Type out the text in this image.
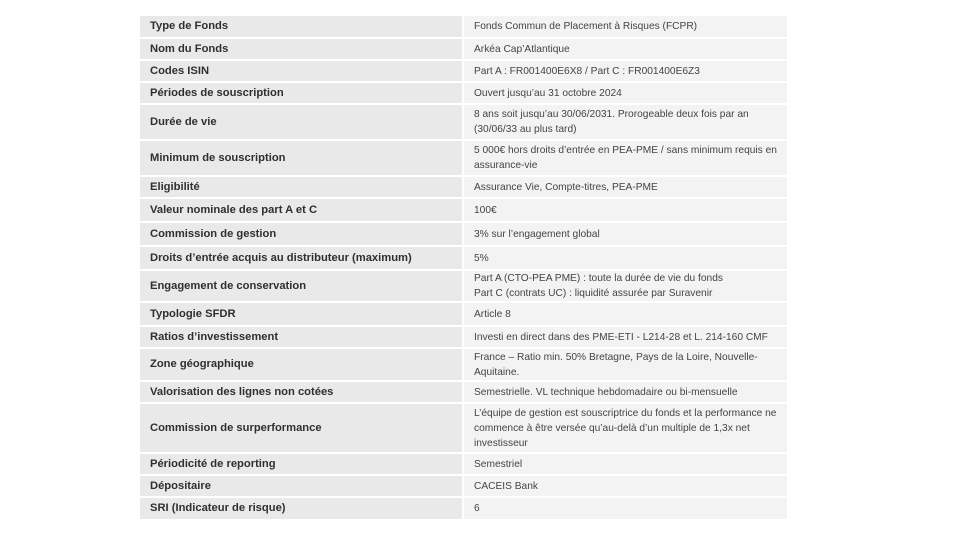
Type de Fonds	Fonds Commun de Placement à Risques (FCPR)
Nom du Fonds	Arkéa Cap’Atlantique
Codes ISIN	Part A : FR001400E6X8 / Part C : FR001400E6Z3
Périodes de souscription	Ouvert jusqu’au 31 octobre 2024
Durée de vie	8 ans soit jusqu’au 30/06/2031. Prorogeable deux fois par an (30/06/33 au plus tard)
Minimum de souscription	5 000€ hors droits d’entrée en PEA-PME / sans minimum requis en assurance-vie
Eligibilité	Assurance Vie, Compte-titres, PEA-PME
Valeur nominale des part A et C	100€
Commission de gestion	3% sur l’engagement global
Droits d’entrée acquis au distributeur (maximum)	5%
Engagement de conservation	Part A (CTO-PEA PME) : toute la durée de vie du fonds
Part C (contrats UC) : liquidité assurée par Suravenir
Typologie SFDR	Article 8
Ratios d’investissement	Investi en direct dans des PME-ETI - L214-28 et L. 214-160 CMF
Zone géographique	France – Ratio min. 50% Bretagne, Pays de la Loire, Nouvelle-Aquitaine.
Valorisation des lignes non cotées	Semestrielle. VL technique hebdomadaire ou bi-mensuelle
Commission de surperformance	L’équipe de gestion est souscriptrice du fonds et la performance ne commence à être versée qu’au-delà d’un multiple de 1,3x net investisseur
Périodicité de reporting	Semestriel
Dépositaire	CACEIS Bank
SRI (Indicateur de risque)	6
